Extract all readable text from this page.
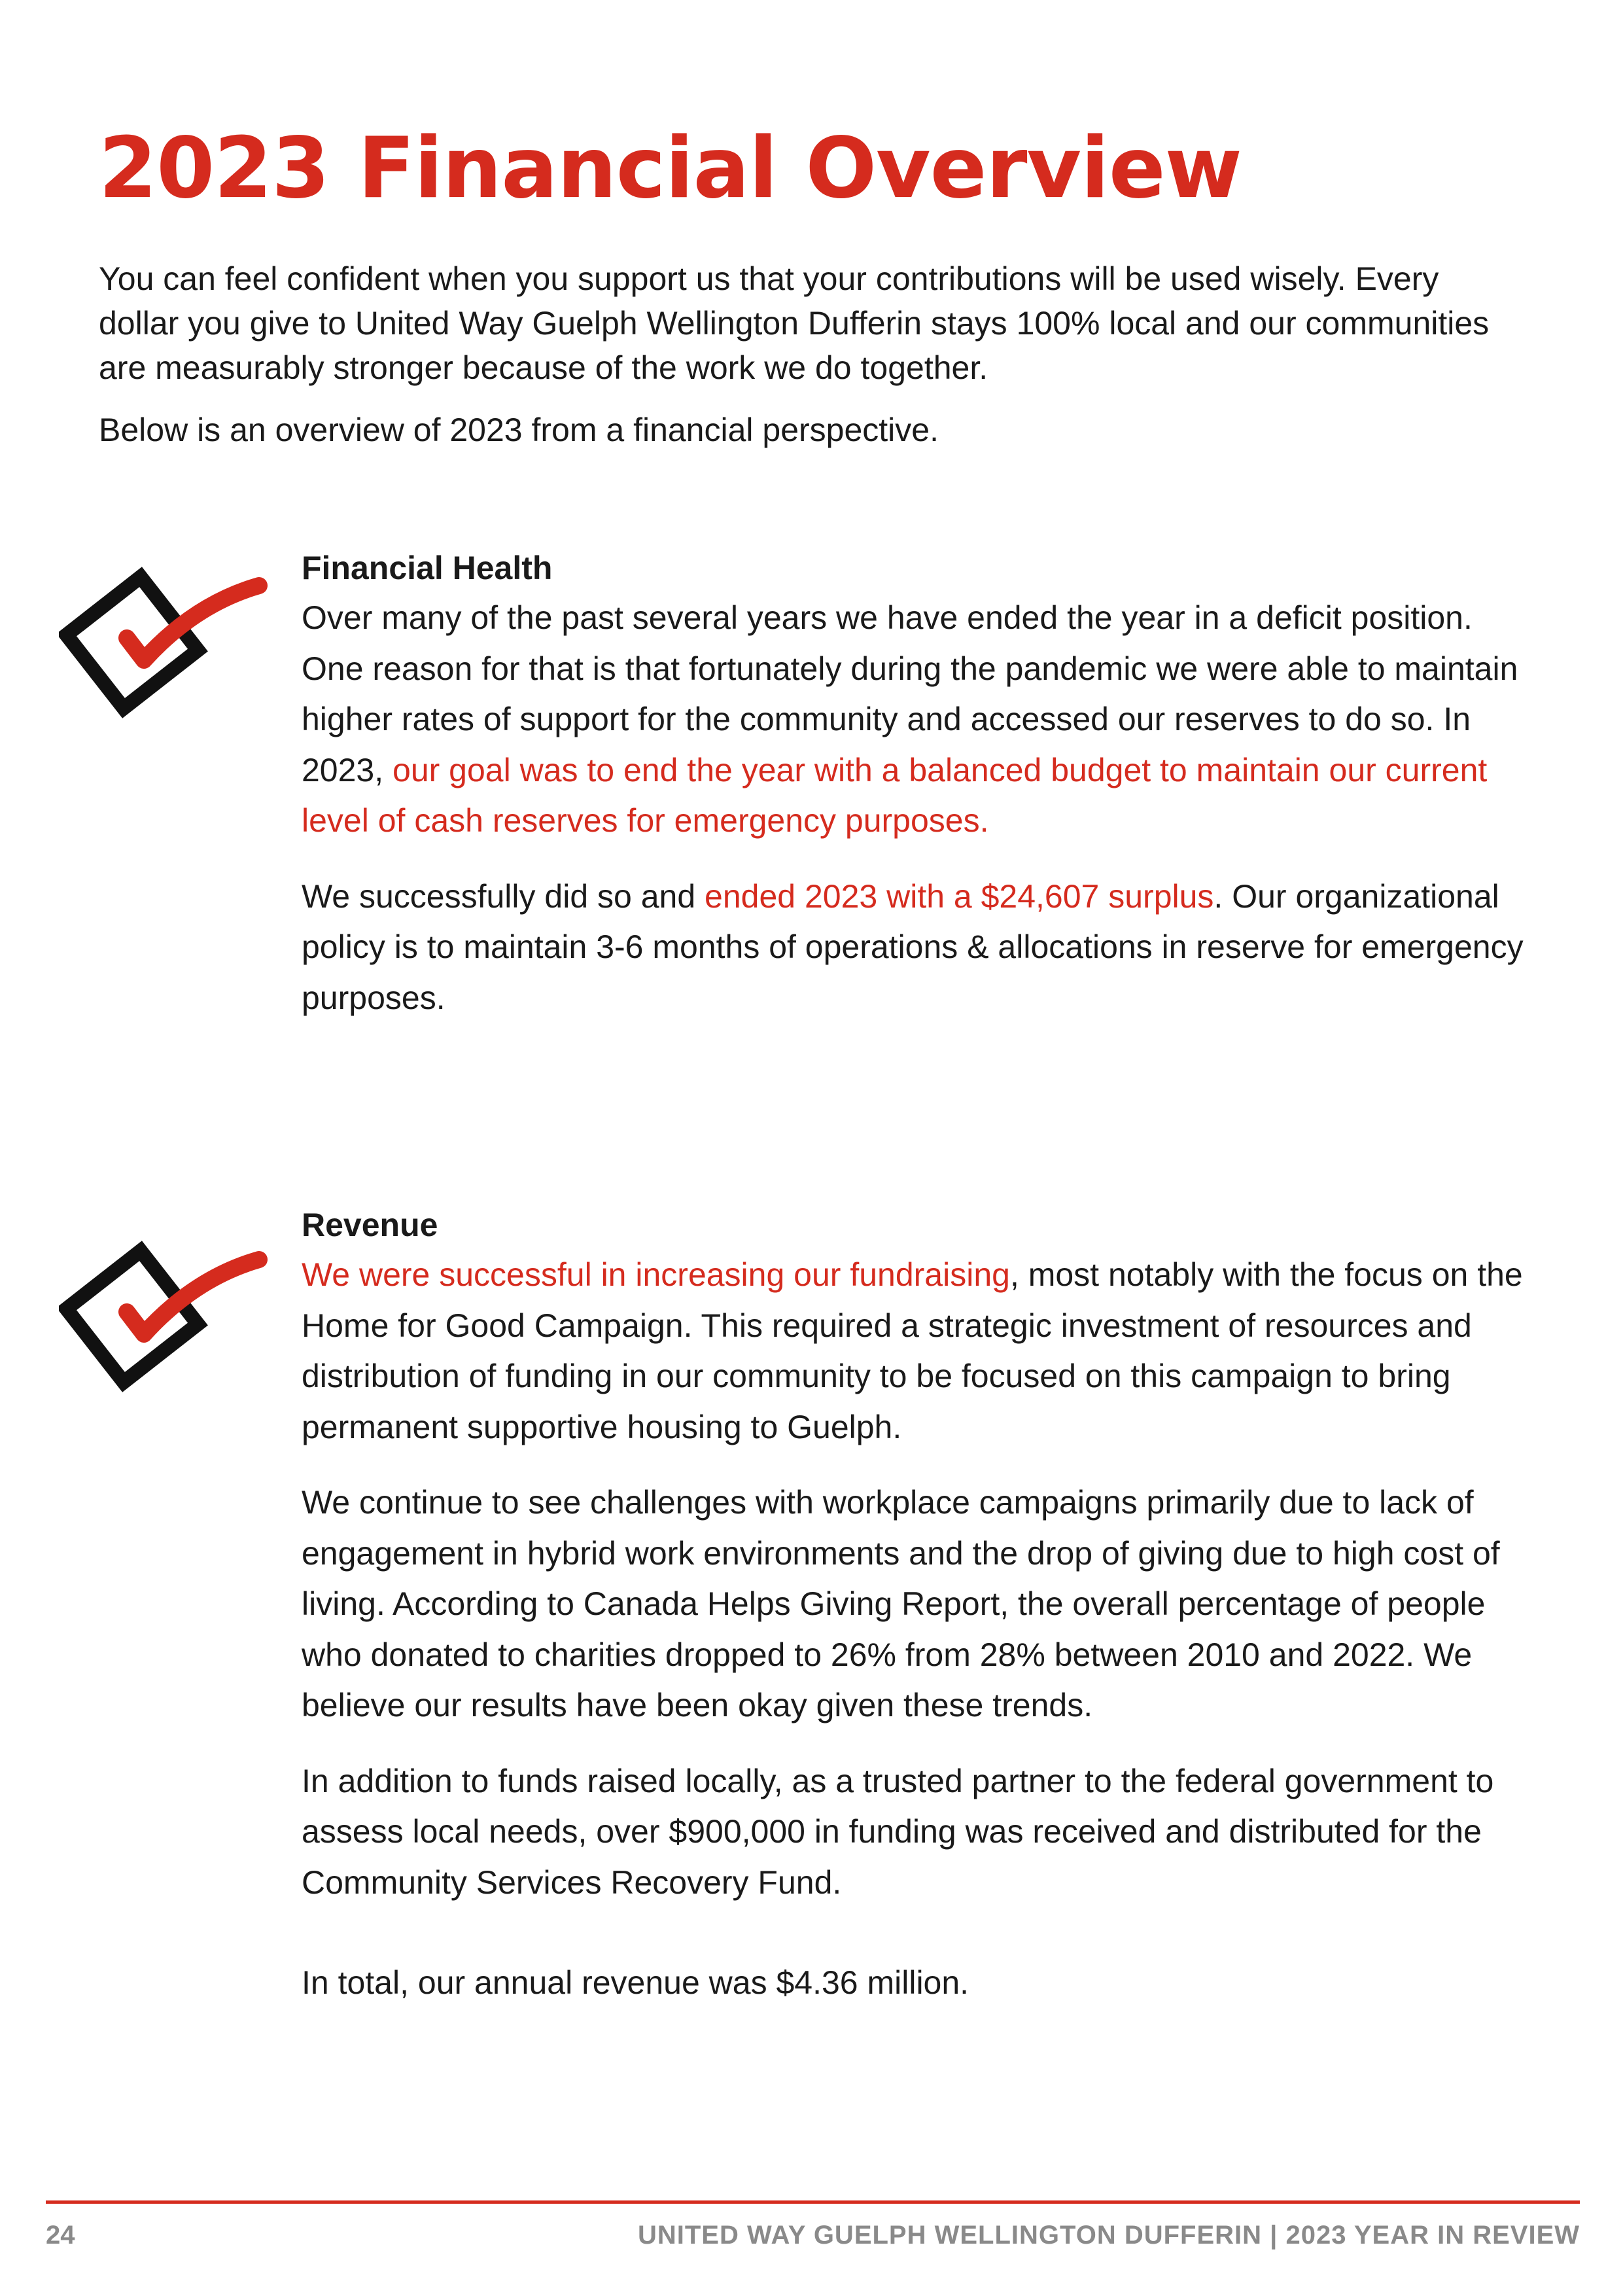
2023 Financial Overview

You can feel confident when you support us that your contributions will be used wisely. Every dollar you give to United Way Guelph Wellington Dufferin stays 100% local and our communities are measurably stronger because of the work we do together.

Below is an overview of 2023 from a financial perspective.

Financial Health

Over many of the past several years we have ended the year in a deficit position. One reason for that is that fortunately during the pandemic we were able to maintain higher rates of support for the community and accessed our reserves to do so. In 2023, our goal was to end the year with a balanced budget to maintain our current level of cash reserves for emergency purposes.

We successfully did so and ended 2023 with a $24,607 surplus. Our organizational policy is to maintain 3-6 months of operations & allocations in reserve for emergency purposes.

Revenue

We were successful in increasing our fundraising, most notably with the focus on the Home for Good Campaign. This required a strategic investment of resources and distribution of funding in our community to be focused on this campaign to bring permanent supportive housing to Guelph.

We continue to see challenges with workplace campaigns primarily due to lack of engagement in hybrid work environments and the drop of giving due to high cost of living. According to Canada Helps Giving Report, the overall percentage of people who donated to charities dropped to 26% from 28% between 2010 and 2022. We believe our results have been okay given these trends.

In addition to funds raised locally, as a trusted partner to the federal government to assess local needs, over $900,000 in funding was received and distributed for the Community Services Recovery Fund.

In total, our annual revenue was $4.36 million.

24	UNITED WAY GUELPH WELLINGTON DUFFERIN | 2023 YEAR IN REVIEW
